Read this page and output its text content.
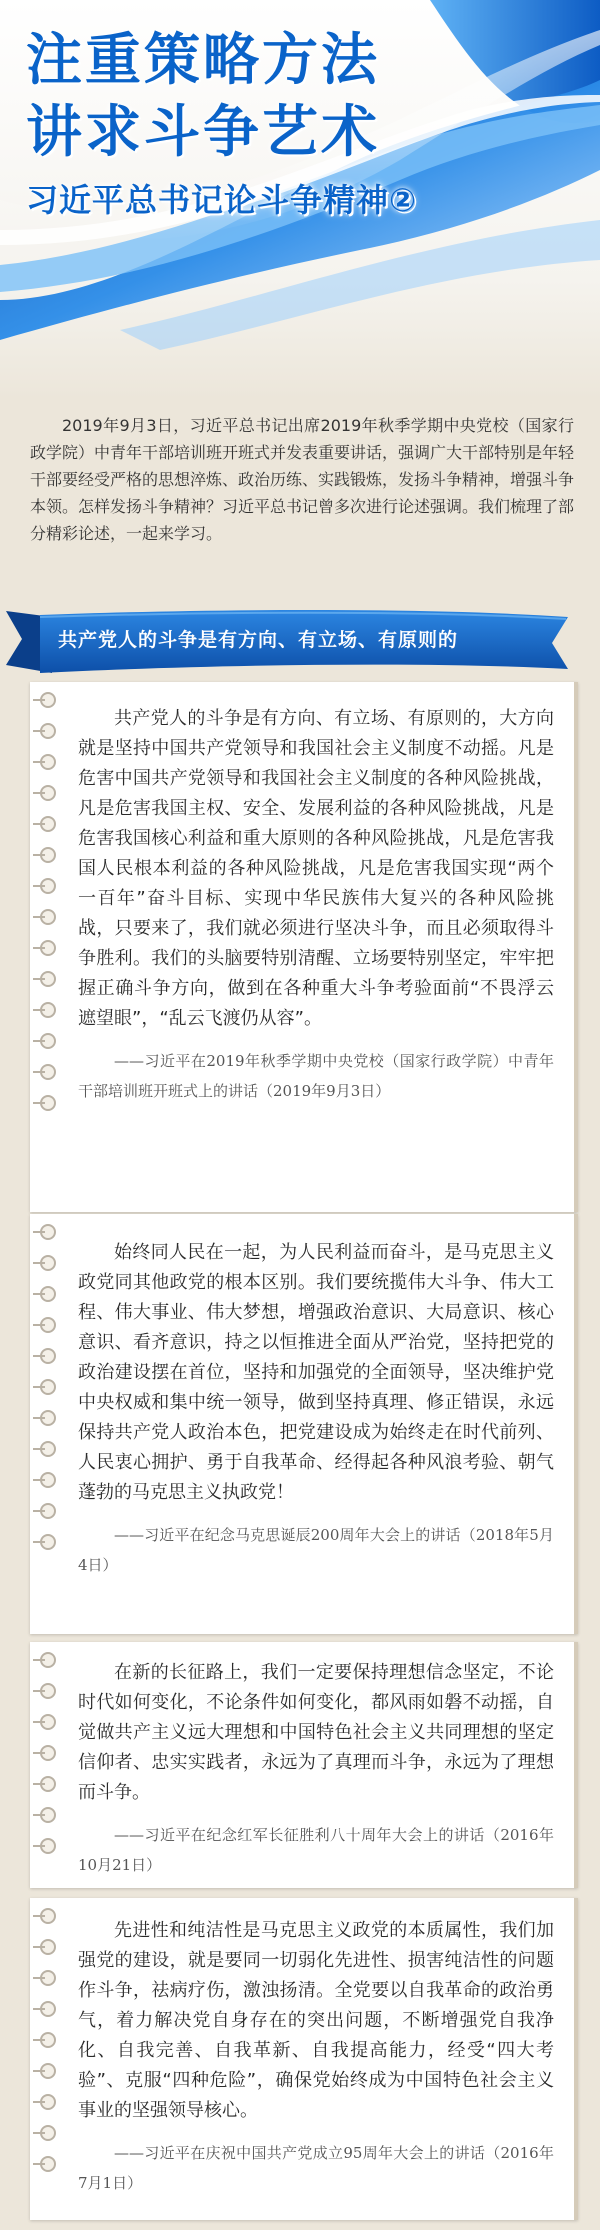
注重策略方法
讲求斗争艺术
习近平总书记论斗争精神②

2019年9月3日，习近平总书记出席2019年秋季学期中央党校（国家行政学院）中青年干部培训班开班式并发表重要讲话，强调广大干部特别是年轻干部要经受严格的思想淬炼、政治历练、实践锻炼，发扬斗争精神，增强斗争本领。怎样发扬斗争精神？习近平总书记曾多次进行论述强调。我们梳理了部分精彩论述，一起来学习。

共产党人的斗争是有方向、有立场、有原则的

共产党人的斗争是有方向、有立场、有原则的，大方向就是坚持中国共产党领导和我国社会主义制度不动摇。凡是危害中国共产党领导和我国社会主义制度的各种风险挑战，凡是危害我国主权、安全、发展利益的各种风险挑战，凡是危害我国核心利益和重大原则的各种风险挑战，凡是危害我国人民根本利益的各种风险挑战，凡是危害我国实现“两个一百年”奋斗目标、实现中华民族伟大复兴的各种风险挑战，只要来了，我们就必须进行坚决斗争，而且必须取得斗争胜利。我们的头脑要特别清醒、立场要特别坚定，牢牢把握正确斗争方向，做到在各种重大斗争考验面前“不畏浮云遮望眼”，“乱云飞渡仍从容”。

——习近平在2019年秋季学期中央党校（国家行政学院）中青年干部培训班开班式上的讲话（2019年9月3日）

始终同人民在一起，为人民利益而奋斗，是马克思主义政党同其他政党的根本区别。我们要统揽伟大斗争、伟大工程、伟大事业、伟大梦想，增强政治意识、大局意识、核心意识、看齐意识，持之以恒推进全面从严治党，坚持把党的政治建设摆在首位，坚持和加强党的全面领导，坚决维护党中央权威和集中统一领导，做到坚持真理、修正错误，永远保持共产党人政治本色，把党建设成为始终走在时代前列、人民衷心拥护、勇于自我革命、经得起各种风浪考验、朝气蓬勃的马克思主义执政党！

——习近平在纪念马克思诞辰200周年大会上的讲话（2018年5月4日）

在新的长征路上，我们一定要保持理想信念坚定，不论时代如何变化，不论条件如何变化，都风雨如磐不动摇，自觉做共产主义远大理想和中国特色社会主义共同理想的坚定信仰者、忠实实践者，永远为了真理而斗争，永远为了理想而斗争。

——习近平在纪念红军长征胜利八十周年大会上的讲话（2016年10月21日）

先进性和纯洁性是马克思主义政党的本质属性，我们加强党的建设，就是要同一切弱化先进性、损害纯洁性的问题作斗争，祛病疗伤，激浊扬清。全党要以自我革命的政治勇气，着力解决党自身存在的突出问题，不断增强党自我净化、自我完善、自我革新、自我提高能力，经受“四大考验”、克服“四种危险”，确保党始终成为中国特色社会主义事业的坚强领导核心。

——习近平在庆祝中国共产党成立95周年大会上的讲话（2016年7月1日）
